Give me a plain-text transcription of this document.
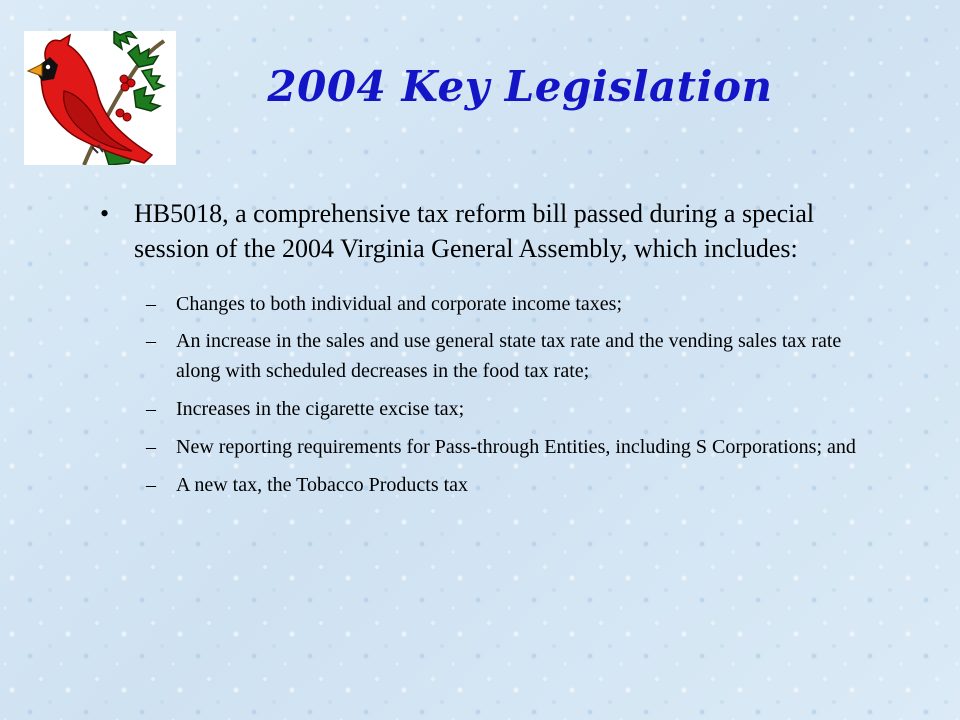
2004 Key Legislation

• HB5018, a comprehensive tax reform bill passed during a special session of the 2004 Virginia General Assembly, which includes:

– Changes to both individual and corporate income taxes;
– An increase in the sales and use general state tax rate and the vending sales tax rate along with scheduled decreases in the food tax rate;
– Increases in the cigarette excise tax;
– New reporting requirements for Pass-through Entities, including S Corporations; and
– A new tax, the Tobacco Products tax
